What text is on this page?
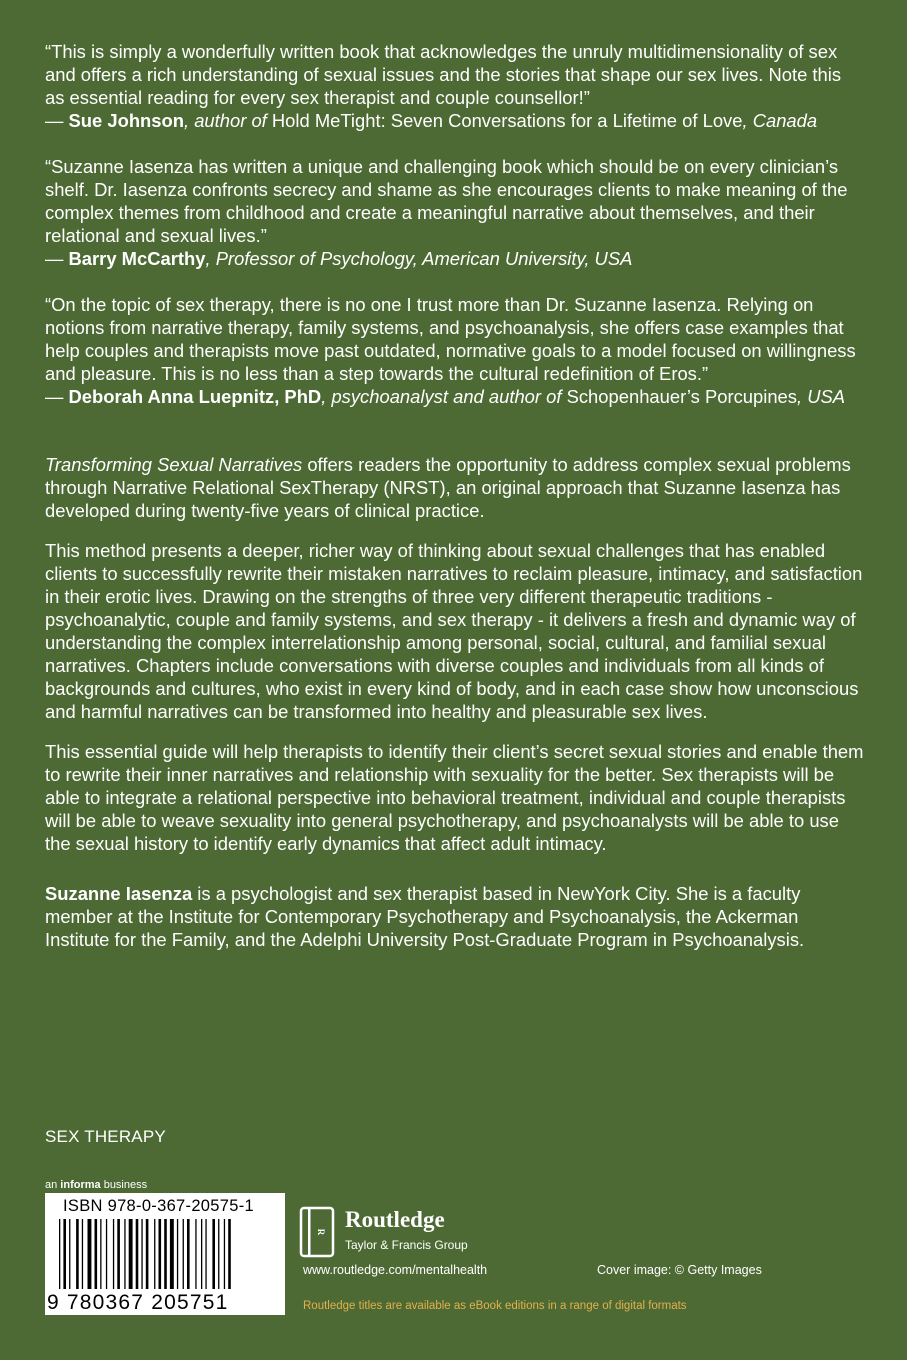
“This is simply a wonderfully written book that acknowledges the unruly multidimensionality of sex and offers a rich understanding of sexual issues and the stories that shape our sex lives. Note this as essential reading for every sex therapist and couple counsellor!”
— Sue Johnson, author of Hold MeTight: Seven Conversations for a Lifetime of Love, Canada

“Suzanne Iasenza has written a unique and challenging book which should be on every clinician’s shelf. Dr. Iasenza confronts secrecy and shame as she encourages clients to make meaning of the complex themes from childhood and create a meaningful narrative about themselves, and their relational and sexual lives.”
— Barry McCarthy, Professor of Psychology, American University, USA

“On the topic of sex therapy, there is no one I trust more than Dr. Suzanne Iasenza. Relying on notions from narrative therapy, family systems, and psychoanalysis, she offers case examples that help couples and therapists move past outdated, normative goals to a model focused on willingness and pleasure. This is no less than a step towards the cultural redefinition of Eros.”
— Deborah Anna Luepnitz, PhD, psychoanalyst and author of Schopenhauer’s Porcupines, USA

Transforming Sexual Narratives offers readers the opportunity to address complex sexual problems through Narrative Relational SexTherapy (NRST), an original approach that Suzanne Iasenza has developed during twenty-five years of clinical practice.

This method presents a deeper, richer way of thinking about sexual challenges that has enabled clients to successfully rewrite their mistaken narratives to reclaim pleasure, intimacy, and satisfaction in their erotic lives. Drawing on the strengths of three very different therapeutic traditions - psychoanalytic, couple and family systems, and sex therapy - it delivers a fresh and dynamic way of understanding the complex interrelationship among personal, social, cultural, and familial sexual narratives. Chapters include conversations with diverse couples and individuals from all kinds of backgrounds and cultures, who exist in every kind of body, and in each case show how unconscious and harmful narratives can be transformed into healthy and pleasurable sex lives.

This essential guide will help therapists to identify their client’s secret sexual stories and enable them to rewrite their inner narratives and relationship with sexuality for the better. Sex therapists will be able to integrate a relational perspective into behavioral treatment, individual and couple therapists will be able to weave sexuality into general psychotherapy, and psychoanalysts will be able to use the sexual history to identify early dynamics that affect adult intimacy.

Suzanne Iasenza is a psychologist and sex therapist based in NewYork City. She is a faculty member at the Institute for Contemporary Psychotherapy and Psychoanalysis, the Ackerman Institute for the Family, and the Adelphi University Post-Graduate Program in Psychoanalysis.

SEX THERAPY
an informa business
ISBN 978-0-367-20575-1
9 780367 205751
R Routledge
Taylor & Francis Group
www.routledge.com/mentalhealth	Cover image: © Getty Images
Routledge titles are available as eBook editions in a range of digital formats
